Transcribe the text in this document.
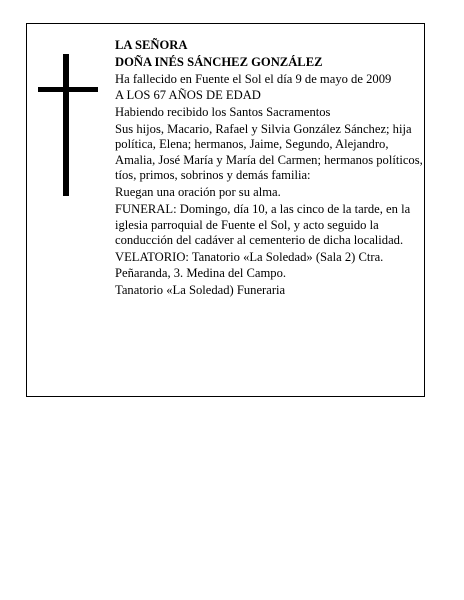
LA SEÑORA

DOÑA INÉS SÁNCHEZ GONZÁLEZ

Ha fallecido en Fuente el Sol el día 9 de mayo de 2009

A LOS 67 AÑOS DE EDAD

Habiendo recibido los Santos Sacramentos

Sus hijos, Macario, Rafael y Silvia González Sánchez; hija política, Elena; hermanos, Jaime, Segundo, Alejandro, Amalia, José María y María del Carmen; hermanos políticos, tíos, primos, sobrinos y demás familia:

Ruegan una oración por su alma.

FUNERAL: Domingo, día 10, a las cinco de la tarde, en la iglesia parroquial de Fuente el Sol, y acto seguido la conducción del cadáver al cementerio de dicha localidad.

VELATORIO: Tanatorio «La Soledad» (Sala 2) Ctra. Peñaranda, 3. Medina del Campo.

Tanatorio «La Soledad) Funeraria
